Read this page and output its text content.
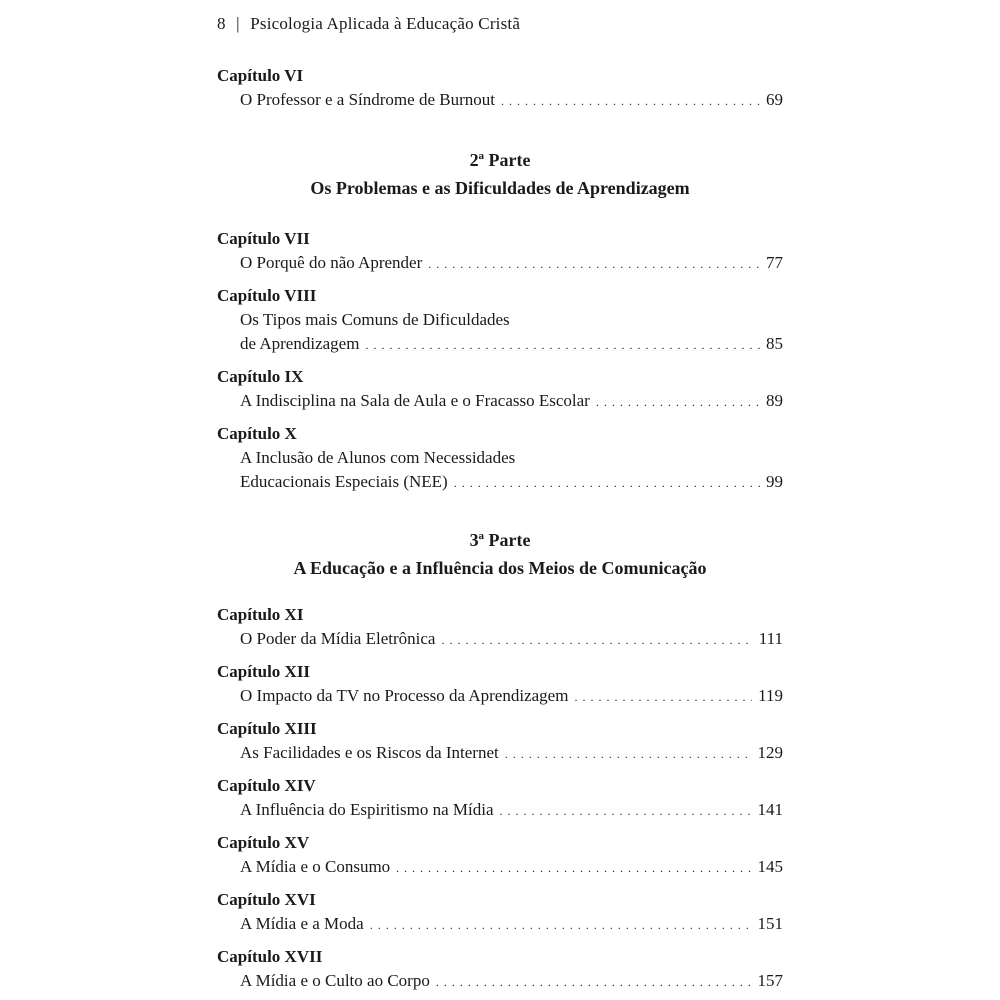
8 | Psicologia Aplicada à Educação Cristã
Capítulo VI
O Professor e a Síndrome de Burnout . . .	69
2ª Parte
Os Problemas e as Dificuldades de Aprendizagem
Capítulo VII
O Porquê do não Aprender . . .	77
Capítulo VIII
Os Tipos mais Comuns de Dificuldades
de Aprendizagem . . .	85
Capítulo IX
A Indisciplina na Sala de Aula e o Fracasso Escolar . . .	89
Capítulo X
A Inclusão de Alunos com Necessidades
Educacionais Especiais (NEE) . . .	99
3ª Parte
A Educação e a Influência dos Meios de Comunicação
Capítulo XI
O Poder da Mídia Eletrônica . . .	111
Capítulo XII
O Impacto da TV no Processo da Aprendizagem . . .	119
Capítulo XIII
As Facilidades e os Riscos da Internet . . .	129
Capítulo XIV
A Influência do Espiritismo na Mídia . . .	141
Capítulo XV
A Mídia e o Consumo . . .	145
Capítulo XVI
A Mídia e a Moda . . .	151
Capítulo XVII
A Mídia e o Culto ao Corpo . . .	157
